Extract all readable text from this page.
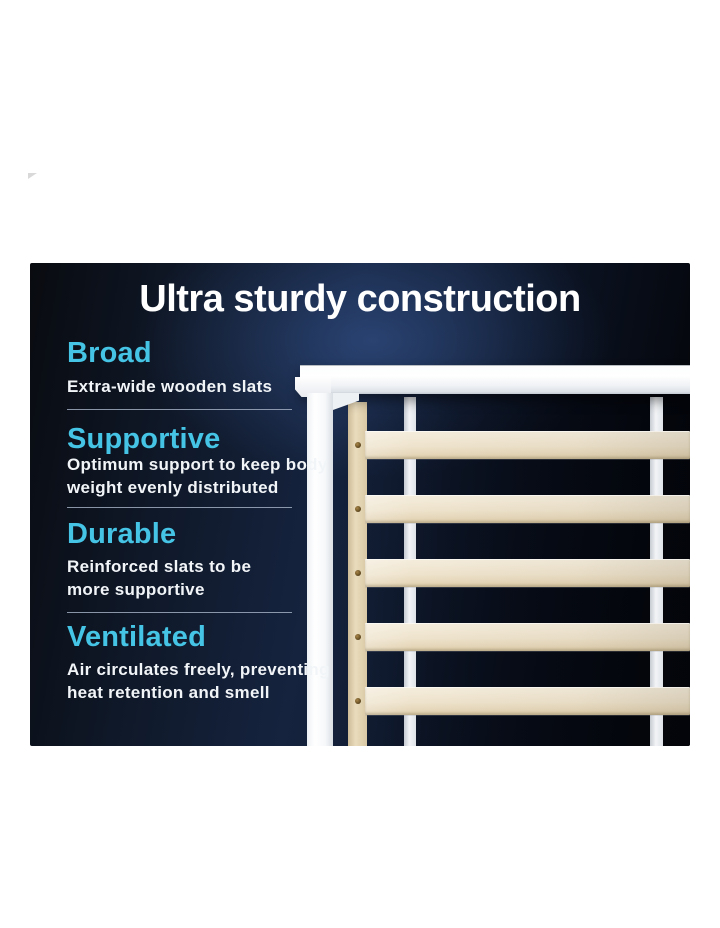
Ultra sturdy construction
Broad
Extra-wide wooden slats
Supportive
Optimum support to keep body
weight evenly distributed
Durable
Reinforced slats to be
more supportive
Ventilated
Air circulates freely, preventing
heat retention and smell
